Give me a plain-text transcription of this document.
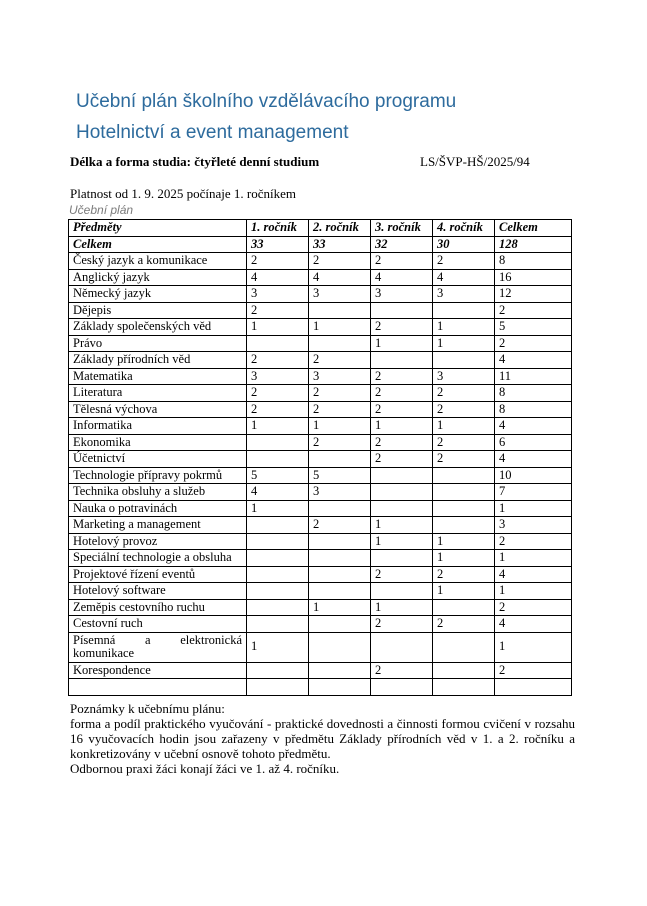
Učební plán školního vzdělávacího programu
Hotelnictví a event management
Délka a forma studia: čtyřleté denní studium	LS/ŠVP-HŠ/2025/94
Platnost od 1. 9. 2025 počínaje 1. ročníkem
Učební plán
Předměty	1. ročník	2. ročník	3. ročník	4. ročník	Celkem
Celkem	33	33	32	30	128
Český jazyk a komunikace	2	2	2	2	8
Anglický jazyk	4	4	4	4	16
Německý jazyk	3	3	3	3	12
Dějepis	2				2
Základy společenských věd	1	1	2	1	5
Právo			1	1	2
Základy přírodních věd	2	2			4
Matematika	3	3	2	3	11
Literatura	2	2	2	2	8
Tělesná výchova	2	2	2	2	8
Informatika	1	1	1	1	4
Ekonomika		2	2	2	6
Účetnictví			2	2	4
Technologie přípravy pokrmů	5	5			10
Technika obsluhy a služeb	4	3			7
Nauka o potravinách	1				1
Marketing a management		2	1		3
Hotelový provoz			1	1	2
Speciální technologie a obsluha				1	1
Projektové řízení eventů			2	2	4
Hotelový software				1	1
Zeměpis cestovního ruchu		1	1		2
Cestovní ruch			2	2	4
Písemná a elektronická komunikace	1				1
Korespondence			2		2

Poznámky k učebnímu plánu:
forma a podíl praktického vyučování - praktické dovednosti a činnosti formou cvičení v rozsahu 16 vyučovacích hodin jsou zařazeny v předmětu Základy přírodních věd v 1. a 2. ročníku a konkretizovány v učební osnově tohoto předmětu.
Odbornou praxi žáci konají žáci ve 1. až 4. ročníku.
